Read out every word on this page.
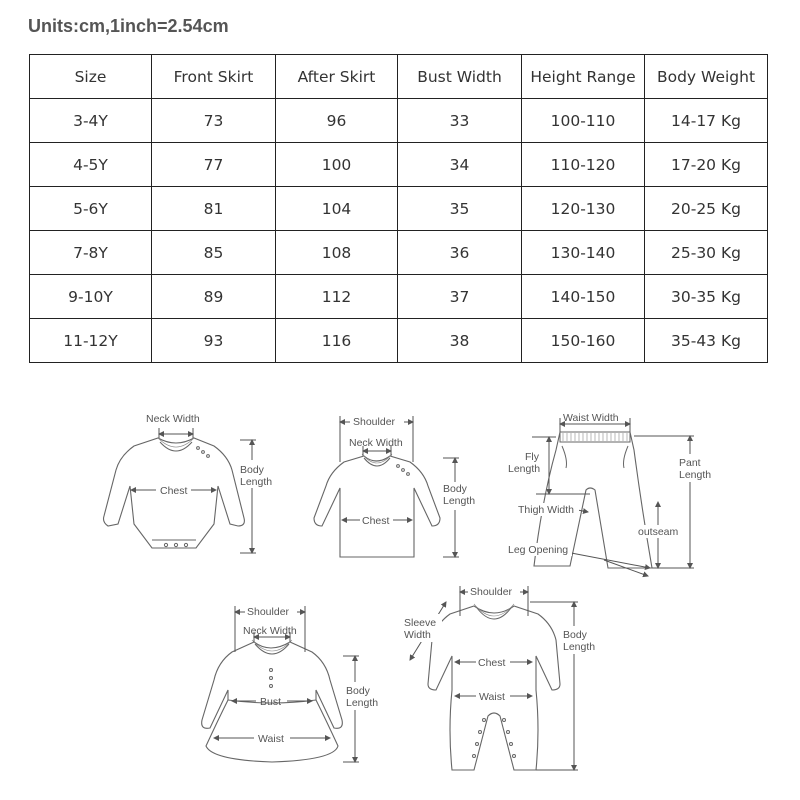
Units:cm,1inch=2.54cm
Size	Front Skirt	After Skirt	Bust Width	Height Range	Body Weight
3-4Y	73	96	33	100-110	14-17 Kg
4-5Y	77	100	34	110-120	17-20 Kg
5-6Y	81	104	35	120-130	20-25 Kg
7-8Y	85	108	36	130-140	25-30 Kg
9-10Y	89	112	37	140-150	30-35 Kg
11-12Y	93	116	38	150-160	35-43 Kg
Neck Width
Chest
Body
Length
Shoulder
Neck Width
Chest
Body
Length
Waist Width
Fly
Length	Pant
Length
Thigh Width
outseam
Leg Opening
Shoulder
Neck Width
Bust
Waist
Body
Length
Shoulder
Sleeve
Width
Chest
Waist
Body
Length
